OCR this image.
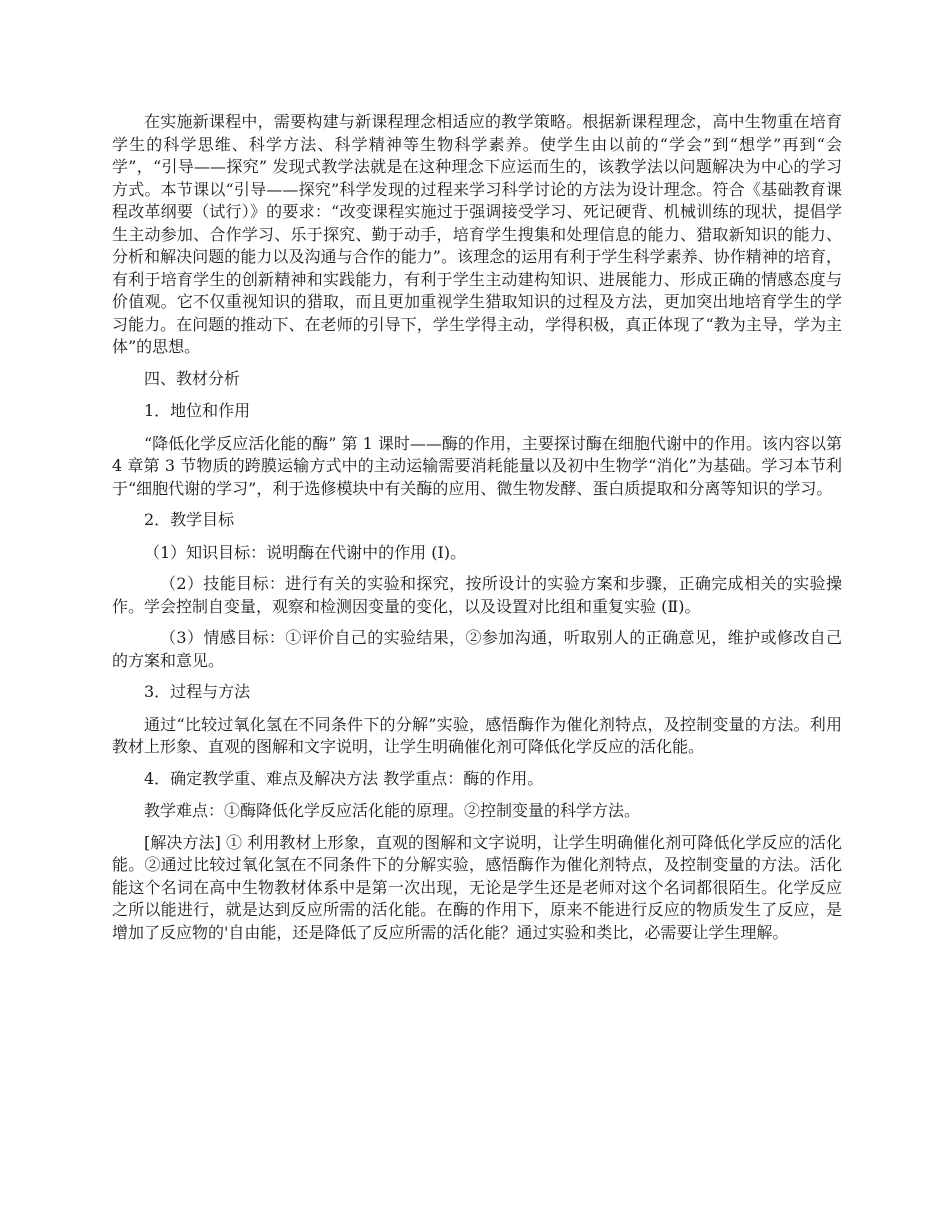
在实施新课程中，需要构建与新课程理念相适应的教学策略。根据新课程理念，高中生物重在培育学生的科学思维、科学方法、科学精神等生物科学素养。使学生由以前的“学会”到“想学”再到“会学”，“引导——探究” 发现式教学法就是在这种理念下应运而生的，该教学法以问题解决为中心的学习方式。本节课以“引导——探究”科学发现的过程来学习科学讨论的方法为设计理念。符合《基础教育课程改革纲要（试行）》的要求：“改变课程实施过于强调接受学习、死记硬背、机械训练的现状，提倡学生主动参加、合作学习、乐于探究、勤于动手，培育学生搜集和处理信息的能力、猎取新知识的能力、分析和解决问题的能力以及沟通与合作的能力”。该理念的运用有利于学生科学素养、协作精神的培育，有利于培育学生的创新精神和实践能力，有利于学生主动建构知识、进展能力、形成正确的情感态度与价值观。它不仅重视知识的猎取，而且更加重视学生猎取知识的过程及方法，更加突出地培育学生的学习能力。在问题的推动下、在老师的引导下，学生学得主动，学得积极，真正体现了“教为主导，学为主体”的思想。

四、教材分析

1．地位和作用

“降低化学反应活化能的酶” 第 1 课时——酶的作用，主要探讨酶在细胞代谢中的作用。该内容以第 4 章第 3 节物质的跨膜运输方式中的主动运输需要消耗能量以及初中生物学“消化”为基础。学习本节利于“细胞代谢的学习”，利于选修模块中有关酶的应用、微生物发酵、蛋白质提取和分离等知识的学习。

2．教学目标

（1）知识目标：说明酶在代谢中的作用 (Ⅰ)。

（2）技能目标：进行有关的实验和探究，按所设计的实验方案和步骤，正确完成相关的实验操作。学会控制自变量，观察和检测因变量的变化，以及设置对比组和重复实验 (Ⅱ)。

（3）情感目标：①评价自己的实验结果，②参加沟通，听取别人的正确意见，维护或修改自己的方案和意见。

3．过程与方法

通过“比较过氧化氢在不同条件下的分解”实验，感悟酶作为催化剂特点，及控制变量的方法。利用教材上形象、直观的图解和文字说明，让学生明确催化剂可降低化学反应的活化能。

4．确定教学重、难点及解决方法 教学重点：酶的作用。

教学难点：①酶降低化学反应活化能的原理。②控制变量的科学方法。

[解决方法] ① 利用教材上形象，直观的图解和文字说明，让学生明确催化剂可降低化学反应的活化能。②通过比较过氧化氢在不同条件下的分解实验，感悟酶作为催化剂特点，及控制变量的方法。活化能这个名词在高中生物教材体系中是第一次出现，无论是学生还是老师对这个名词都很陌生。化学反应之所以能进行，就是达到反应所需的活化能。在酶的作用下，原来不能进行反应的物质发生了反应，是增加了反应物的'自由能，还是降低了反应所需的活化能？通过实验和类比，必需要让学生理解。
